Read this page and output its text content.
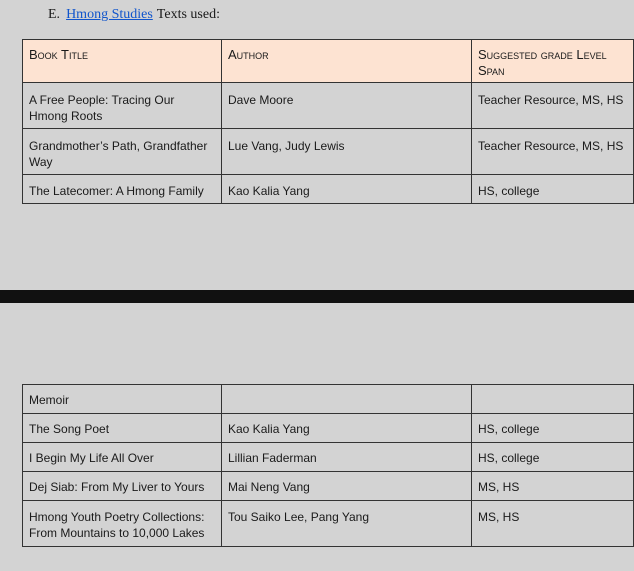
E. Hmong Studies Texts used:
Book Title	Author	Suggested grade Level Span
A Free People: Tracing Our Hmong Roots	Dave Moore	Teacher Resource, MS, HS
Grandmother’s Path, Grandfather Way	Lue Vang, Judy Lewis	Teacher Resource, MS, HS
The Latecomer: A Hmong Family	Kao Kalia Yang	HS, college
Memoir		
The Song Poet	Kao Kalia Yang	HS, college
I Begin My Life All Over	Lillian Faderman	HS, college
Dej Siab: From My Liver to Yours	Mai Neng Vang	MS, HS
Hmong Youth Poetry Collections: From Mountains to 10,000 Lakes	Tou Saiko Lee, Pang Yang	MS, HS
